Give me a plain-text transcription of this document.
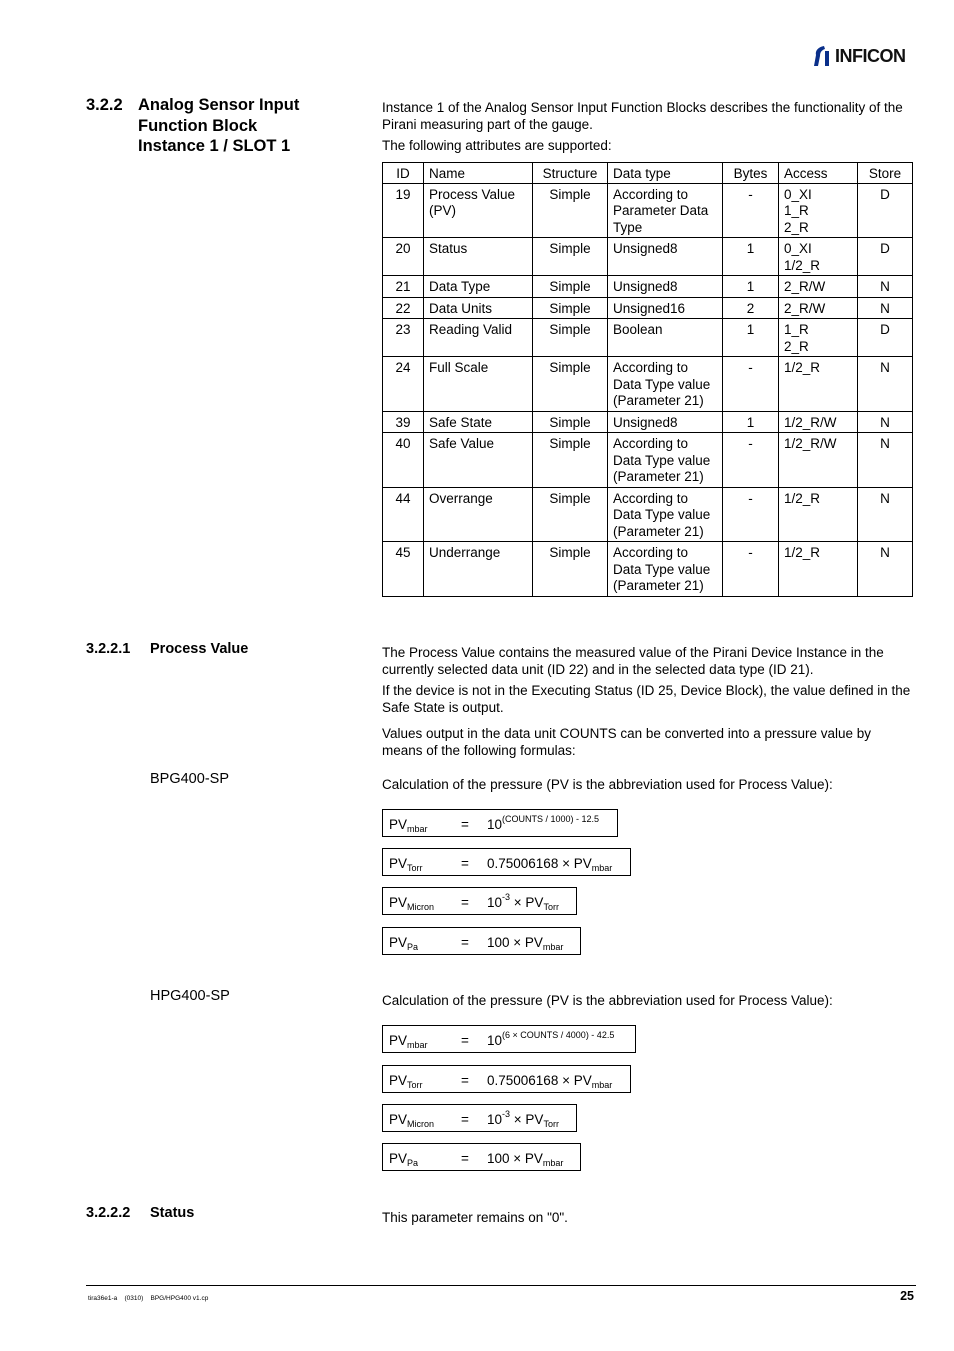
INFICON
3.2.2 Analog Sensor Input
Function Block
Instance 1 / SLOT 1

Instance 1 of the Analog Sensor Input Function Blocks describes the functionality of the Pirani measuring part of the gauge.

The following attributes are supported:

ID	Name	Structure	Data type	Bytes	Access	Store
19	Process Value (PV)	Simple	According to Parameter Data Type	-	0_XI
1_R
2_R	D
20	Status	Simple	Unsigned8	1	0_XI
1/2_R	D
21	Data Type	Simple	Unsigned8	1	2_R/W	N
22	Data Units	Simple	Unsigned16	2	2_R/W	N
23	Reading Valid	Simple	Boolean	1	1_R
2_R	D
24	Full Scale	Simple	According to Data Type value (Parameter 21)	-	1/2_R	N
39	Safe State	Simple	Unsigned8	1	1/2_R/W	N
40	Safe Value	Simple	According to Data Type value (Parameter 21)	-	1/2_R/W	N
44	Overrange	Simple	According to Data Type value (Parameter 21)	-	1/2_R	N
45	Underrange	Simple	According to Data Type value (Parameter 21)	-	1/2_R	N
3.2.2.1 Process Value	The Process Value contains the measured value of the Pirani Device Instance in the currently selected data unit (ID 22) and in the selected data type (ID 21).

If the device is not in the Executing Status (ID 25, Device Block), the value defined in the Safe State is output.

Values output in the data unit COUNTS can be converted into a pressure value by means of the following formulas:

BPG400-SP	Calculation of the pressure (PV is the abbreviation used for Process Value):
$PV_{mbar} = 10^{(COUNTS / 1000) - 12.5}$
$PV_{Torr}$	= $0.75006168 \times PV_{mbar}$
$PV_{Micron} = 10^{-3} \times PV_{Torr}$
$PV_{Pa}$	= $100 \times PV_{mbar}$
HPG400-SP	Calculation of the pressure (PV is the abbreviation used for Process Value):
$PV_{mbar} = 10^{(6 \times COUNTS / 4000) - 42.5}$
$PV_{Torr}$	= $0.75006168 \times PV_{mbar}$
$PV_{Micron} = 10^{-3} \times PV_{Torr}$
$PV_{Pa}$	= $100 \times PV_{mbar}$
3.2.2.2 Status	This parameter remains on "0".
tira36e1-a    (0310)    BPG/HPG400 v1.cp	25
